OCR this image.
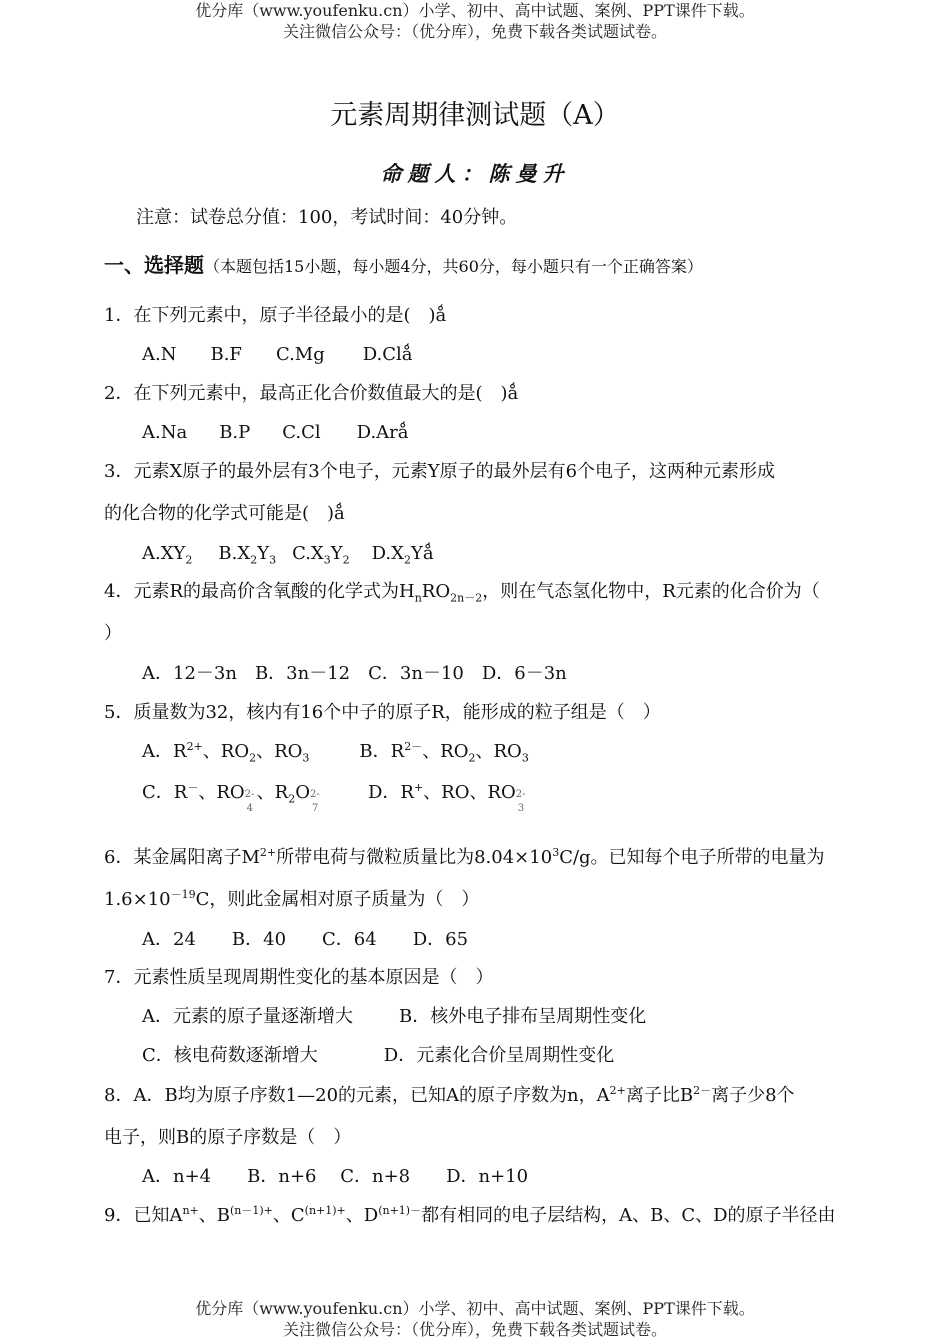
优分库（www.youfenku.cn）小学、初中、高中试题、案例、PPT课件下载。
关注微信公众号：（优分库），免费下载各类试题试卷。
元素周期律测试题（A）
命题人：陈曼升
注意：试卷总分值：100，考试时间：40分钟。
一、选择题（本题包括15小题，每小题4分，共60分，每小题只有一个正确答案）
1．在下列元素中，原子半径最小的是(　)ǻ
A.N B.F C.Mg D.Clǻ
2．在下列元素中，最高正化合价数值最大的是(　)ǻ
A.Na B.P C.Cl D.Arǻ
3．元素X原子的最外层有3个电子，元素Y原子的最外层有6个电子，这两种元素形成
的化合物的化学式可能是(　)ǻ
$A.XY_2$ $B.X_2Y_3$ $C.X_3Y_2$ $D.X_2Yǻ$
4．元素R的最高价含氧酸的化学式为$H_nRO_{2n-2}$，则在气态氢化物中，R元素的化合价为（
）
A．12－3n　B．3n－12　C．3n－10　D．6－3n
5．质量数为32，核内有16个中子的原子R，能形成的粒子组是（　）
A．$R^{2+}$、$RO_2$、$RO_3$	B．$R^{2-}$、$RO_2$、$RO_3$
C．R－、RO 2-
4
、$R_2O$ 2-
7
D．R+、RO、RO 2-
3
6．某金属阳离子$M^{2+}$所带电荷与微粒质量比为$8.04\times 10^3C/g$。已知每个电子所带的电量为
$1.6\times 10^{-19}C$，则此金属相对原子质量为（　）
A．24　　B．40　　C．64　　D．65
7．元素性质呈现周期性变化的基本原因是（　）
A．元素的原子量逐渐增大	B．核外电子排布呈周期性变化
C．核电荷数逐渐增大	D．元素化合价呈周期性变化
8．A．B均为原子序数1—20的元素，已知A的原子序数为n，$A^{2+}$离子比$B^{2-}$离子少8个
电子，则B的原子序数是（　）
A．n+4　　B．n+6　 C．n+8　　D．n+10
9．已知$A^{n+}$、$B^{(n-1)+}$、$C^{(n+1)+}$、$D^{(n+1)-}$都有相同的电子层结构，A、B、C、D的原子半径由
优分库（www.youfenku.cn）小学、初中、高中试题、案例、PPT课件下载。
关注微信公众号：（优分库），免费下载各类试题试卷。
